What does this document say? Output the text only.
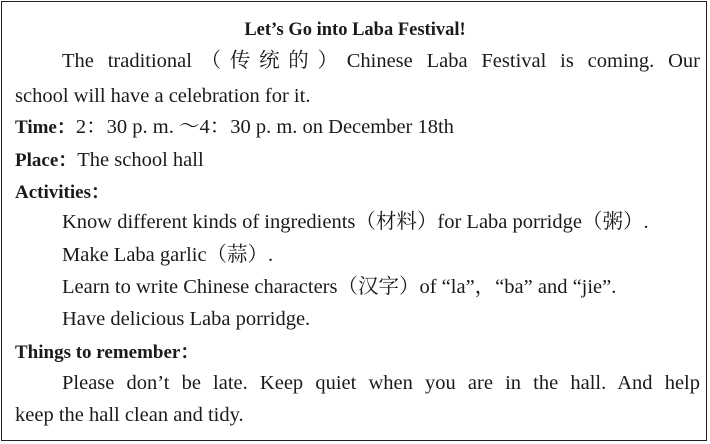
Let’s Go into Laba Festival!
The traditional（传统的）Chinese Laba Festival is coming. Our
school will have a celebration for it.
Time：2：30 p. m. ～4：30 p. m. on December 18th
Place：The school hall
Activities：
Know different kinds of ingredients（材料）for Laba porridge（粥）.
Make Laba garlic（蒜）.
Learn to write Chinese characters（汉字）of “la”，“ba” and “jie”.
Have delicious Laba porridge.
Things to remember：
Please don’t be late. Keep quiet when you are in the hall. And help
keep the hall clean and tidy.
